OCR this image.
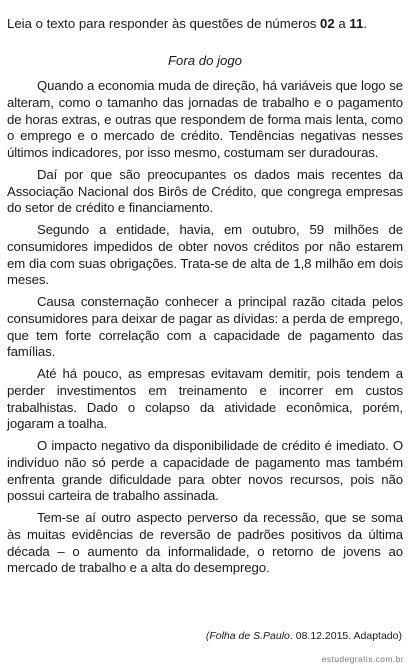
Leia o texto para responder às questões de números 02 a 11.
Fora do jogo

Quando a economia muda de direção, há variáveis que logo se alteram, como o tamanho das jornadas de trabalho e o pagamento de horas extras, e outras que respondem de forma mais lenta, como o emprego e o mercado de crédito. Tendências negativas nesses últimos indicadores, por isso mesmo, costumam ser duradouras.

Daí por que são preocupantes os dados mais recentes da Associação Nacional dos Birôs de Crédito, que congrega empresas do setor de crédito e financiamento.

Segundo a entidade, havia, em outubro, 59 milhões de consumidores impedidos de obter novos créditos por não estarem em dia com suas obrigações. Trata-se de alta de 1,8 milhão em dois meses.

Causa consternação conhecer a principal razão citada pelos consumidores para deixar de pagar as dívidas: a perda de emprego, que tem forte correlação com a capacidade de pagamento das famílias.

Até há pouco, as empresas evitavam demitir, pois tendem a perder investimentos em treinamento e incorrer em custos trabalhistas. Dado o colapso da atividade econômica, porém, jogaram a toalha.

O impacto negativo da disponibilidade de crédito é imediato. O indivíduo não só perde a capacidade de pagamento mas também enfrenta grande dificuldade para obter novos recursos, pois não possui carteira de trabalho assinada.

Tem-se aí outro aspecto perverso da recessão, que se soma às muitas evidências de reversão de padrões positivos da última década – o aumento da informalidade, o retorno de jovens ao mercado de trabalho e a alta do desemprego.

(Folha de S.Paulo. 08.12.2015. Adaptado)
estudegratis.com.br
